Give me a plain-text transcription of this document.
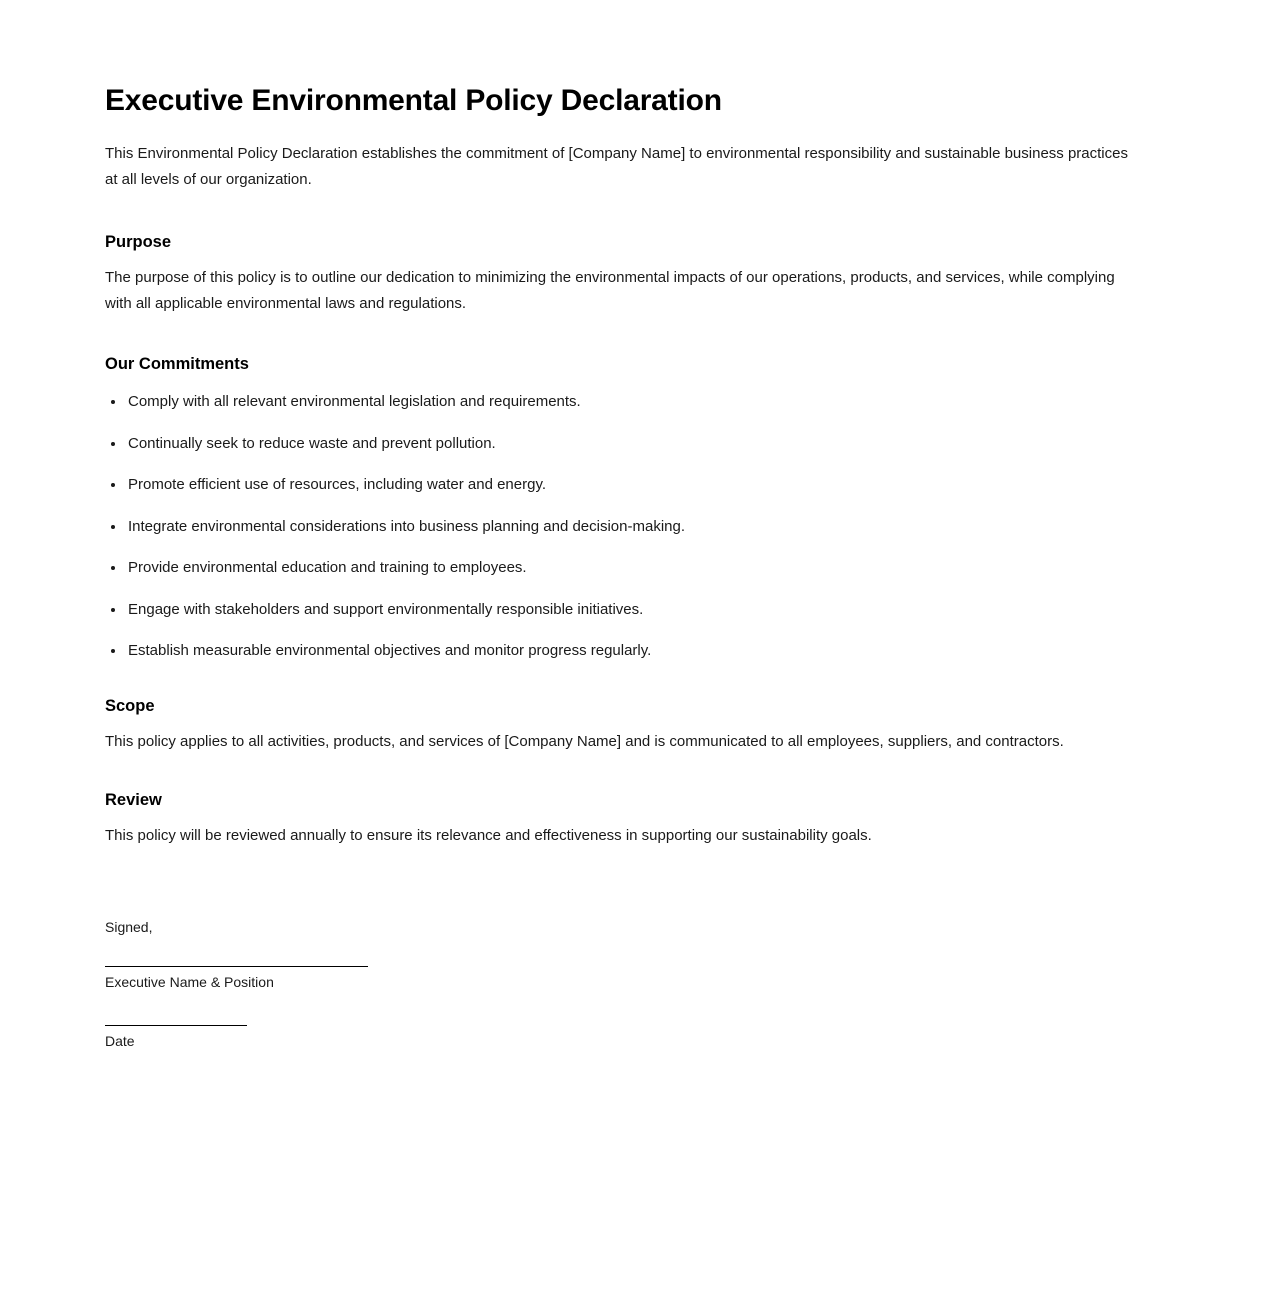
Executive Environmental Policy Declaration

This Environmental Policy Declaration establishes the commitment of [Company Name] to environmental responsibility and sustainable business practices at all levels of our organization.

Purpose

The purpose of this policy is to outline our dedication to minimizing the environmental impacts of our operations, products, and services, while complying with all applicable environmental laws and regulations.

Our Commitments
Comply with all relevant environmental legislation and requirements.
Continually seek to reduce waste and prevent pollution.
Promote efficient use of resources, including water and energy.
Integrate environmental considerations into business planning and decision-making.
Provide environmental education and training to employees.
Engage with stakeholders and support environmentally responsible initiatives.
Establish measurable environmental objectives and monitor progress regularly.
Scope

This policy applies to all activities, products, and services of [Company Name] and is communicated to all employees, suppliers, and contractors.

Review

This policy will be reviewed annually to ensure its relevance and effectiveness in supporting our sustainability goals.

Signed,

Executive Name & Position

Date
